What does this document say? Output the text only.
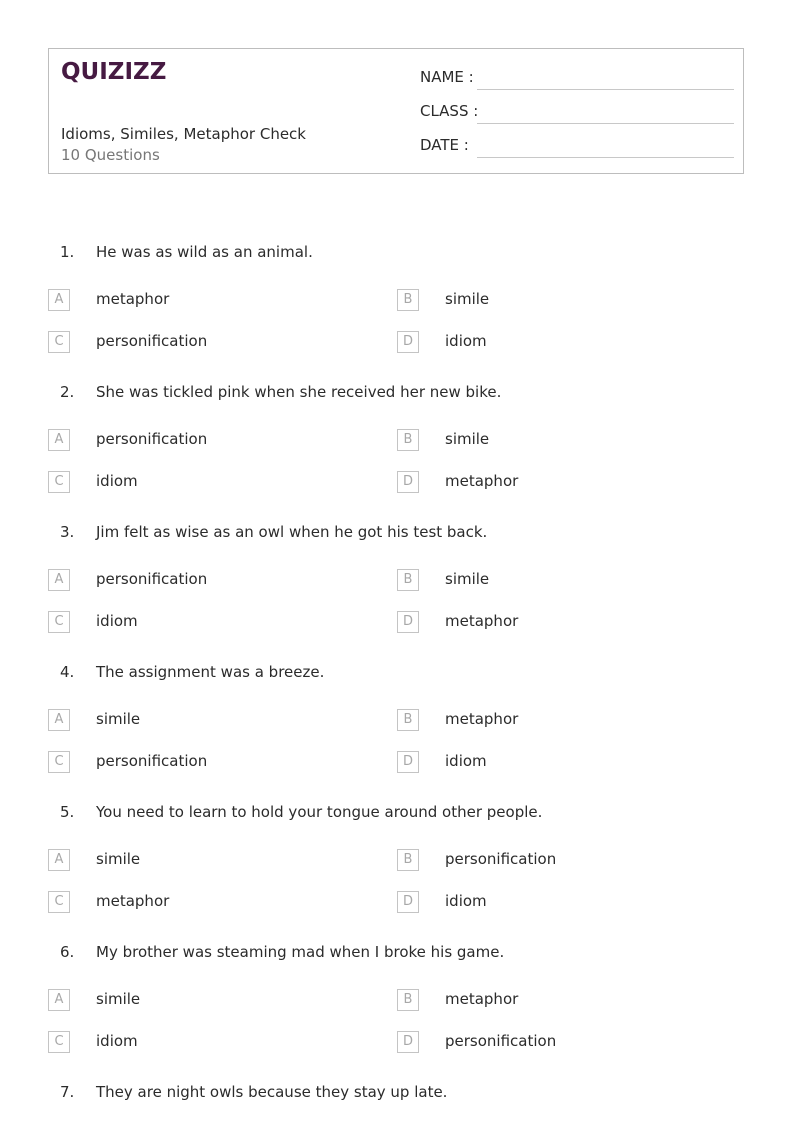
QUIZIZZ
Idioms, Similes, Metaphor Check
10 Questions
NAME :
CLASS :
DATE :
1. He was as wild as an animal.
A	metaphor	B	simile
C	personification	D	idiom
2. She was tickled pink when she received her new bike.
A	personification	B	simile
C	idiom	D	metaphor
3. Jim felt as wise as an owl when he got his test back.
A	personification	B	simile
C	idiom	D	metaphor
4. The assignment was a breeze.
A	simile	B	metaphor
C	personification	D	idiom
5. You need to learn to hold your tongue around other people.
A	simile	B	personification
C	metaphor	D	idiom
6. My brother was steaming mad when I broke his game.
A	simile	B	metaphor
C	idiom	D	personification
7. They are night owls because they stay up late.
